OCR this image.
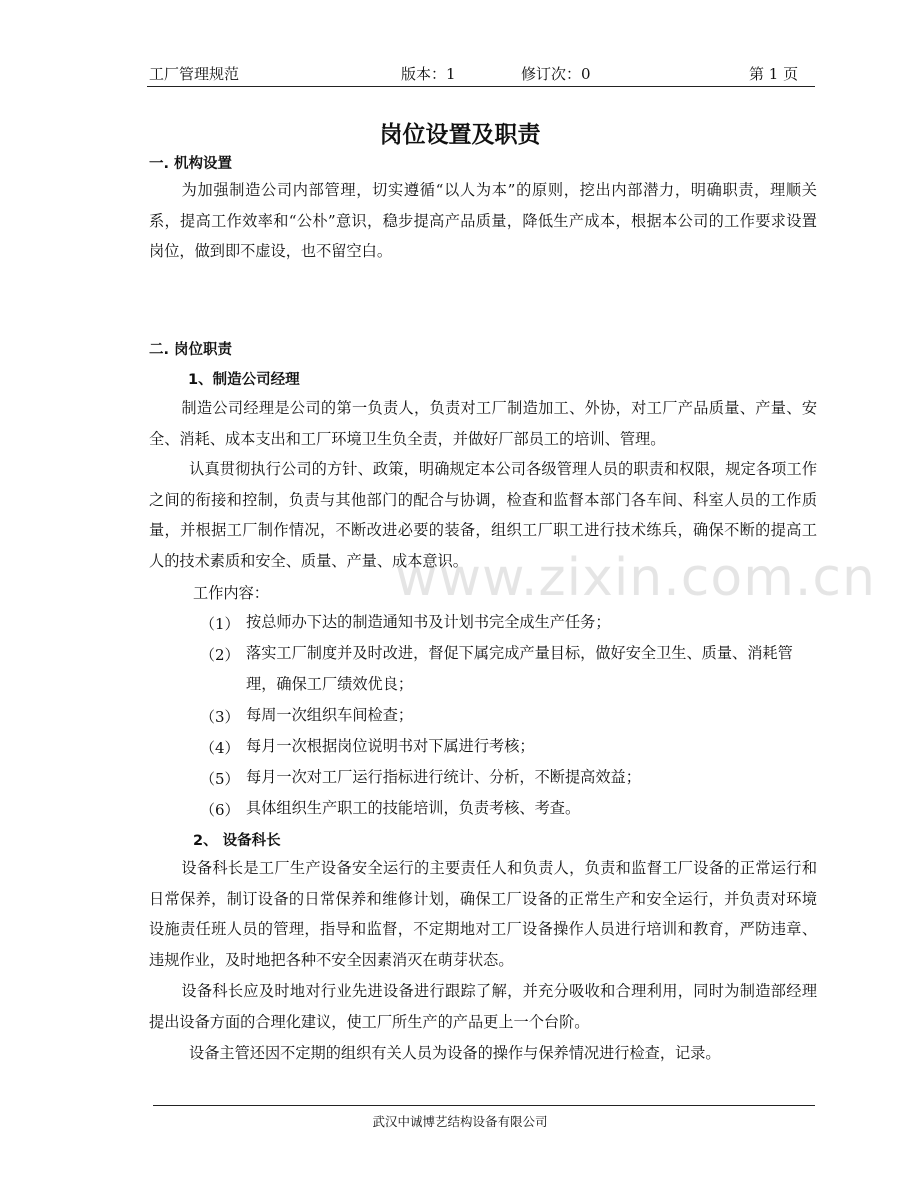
工厂管理规范	版本：1	修订次：0	第 1 页
岗位设置及职责
一. 机构设置
为加强制造公司内部管理，切实遵循“以人为本”的原则，挖出内部潜力，明确职责，理顺关系，提高工作效率和“公朴”意识，稳步提高产品质量，降低生产成本，根据本公司的工作要求设置岗位，做到即不虚设，也不留空白。
二. 岗位职责
1、制造公司经理
制造公司经理是公司的第一负责人，负责对工厂制造加工、外协，对工厂产品质量、产量、安全、消耗、成本支出和工厂环境卫生负全责，并做好厂部员工的培训、管理。
认真贯彻执行公司的方针、政策，明确规定本公司各级管理人员的职责和权限，规定各项工作之间的衔接和控制，负责与其他部门的配合与协调，检查和监督本部门各车间、科室人员的工作质量，并根据工厂制作情况，不断改进必要的装备，组织工厂职工进行技术练兵，确保不断的提高工人的技术素质和安全、质量、产量、成本意识。
工作内容：
（1） 按总师办下达的制造通知书及计划书完全成生产任务；
（2） 落实工厂制度并及时改进，督促下属完成产量目标，做好安全卫生、质量、消耗管理，确保工厂绩效优良；
（3） 每周一次组织车间检查；
（4） 每月一次根据岗位说明书对下属进行考核；
（5） 每月一次对工厂运行指标进行统计、分析，不断提高效益；
（6） 具体组织生产职工的技能培训，负责考核、考查。
2、 设备科长
设备科长是工厂生产设备安全运行的主要责任人和负责人，负责和监督工厂设备的正常运行和日常保养，制订设备的日常保养和维修计划，确保工厂设备的正常生产和安全运行，并负责对环境设施责任班人员的管理，指导和监督，不定期地对工厂设备操作人员进行培训和教育，严防违章、违规作业，及时地把各种不安全因素消灭在萌芽状态。
设备科长应及时地对行业先进设备进行跟踪了解，并充分吸收和合理利用，同时为制造部经理提出设备方面的合理化建议，使工厂所生产的产品更上一个台阶。
设备主管还因不定期的组织有关人员为设备的操作与保养情况进行检查，记录。
www.zixin.com.cn
武汉中诚博艺结构设备有限公司
